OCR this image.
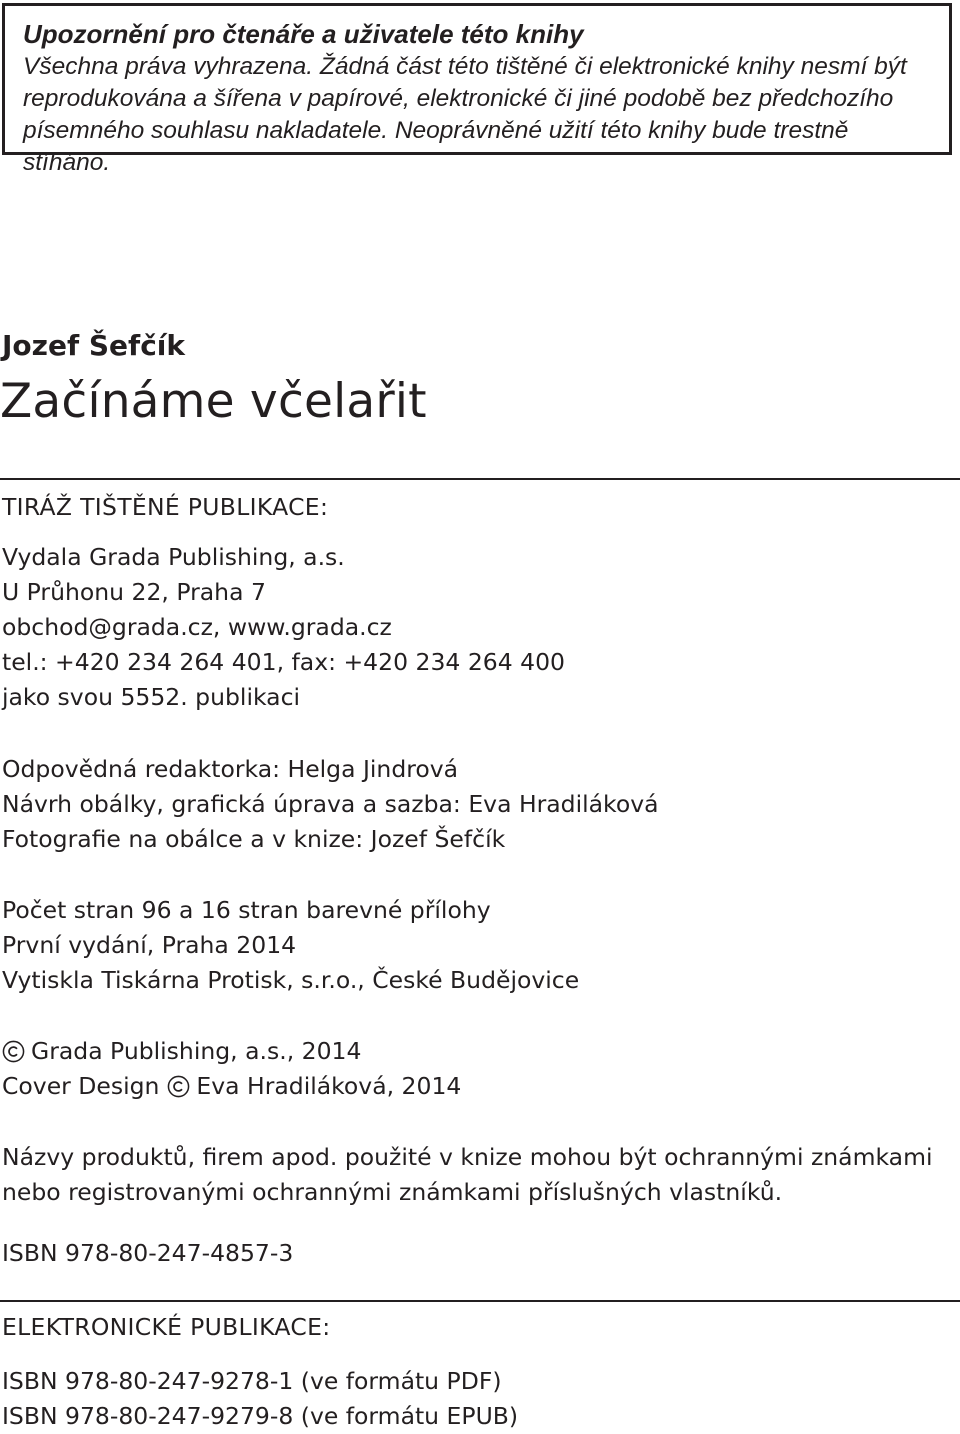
Upozornění pro čtenáře a uživatele této knihy

Všechna práva vyhrazena. Žádná část této tištěné či elektronické knihy nesmí být

reprodukována a šířena v papírové, elektronické či jiné podobě bez předchozího

písemného souhlasu nakladatele. Neoprávněné užití této knihy bude trestně stíháno.

Jozef Šefčík

Začínáme včelařit

TIRÁŽ TIŠTĚNÉ PUBLIKACE:

Vydala Grada Publishing, a.s.
U Průhonu 22, Praha 7
obchod@grada.cz, www.grada.cz
tel.: +420 234 264 401, fax: +420 234 264 400
jako svou 5552. publikaci
Odpovědná redaktorka: Helga Jindrová
Návrh obálky, grafická úprava a sazba: Eva Hradiláková
Fotografie na obálce a v knize: Jozef Šefčík
Počet stran 96 a 16 stran barevné přílohy
První vydání, Praha 2014
Vytiskla Tiskárna Protisk, s.r.o., České Budějovice
Grada Publishing, a.s., 2014
Cover Design Eva Hradiláková, 2014
Názvy produktů, firem apod. použité v knize mohou být ochrannými známkami
nebo registrovanými ochrannými známkami příslušných vlastníků.
ISBN 978-80-247-4857-3

ELEKTRONICKÉ PUBLIKACE:

ISBN 978-80-247-9278-1 (ve formátu PDF)
ISBN 978-80-247-9279-8 (ve formátu EPUB)
